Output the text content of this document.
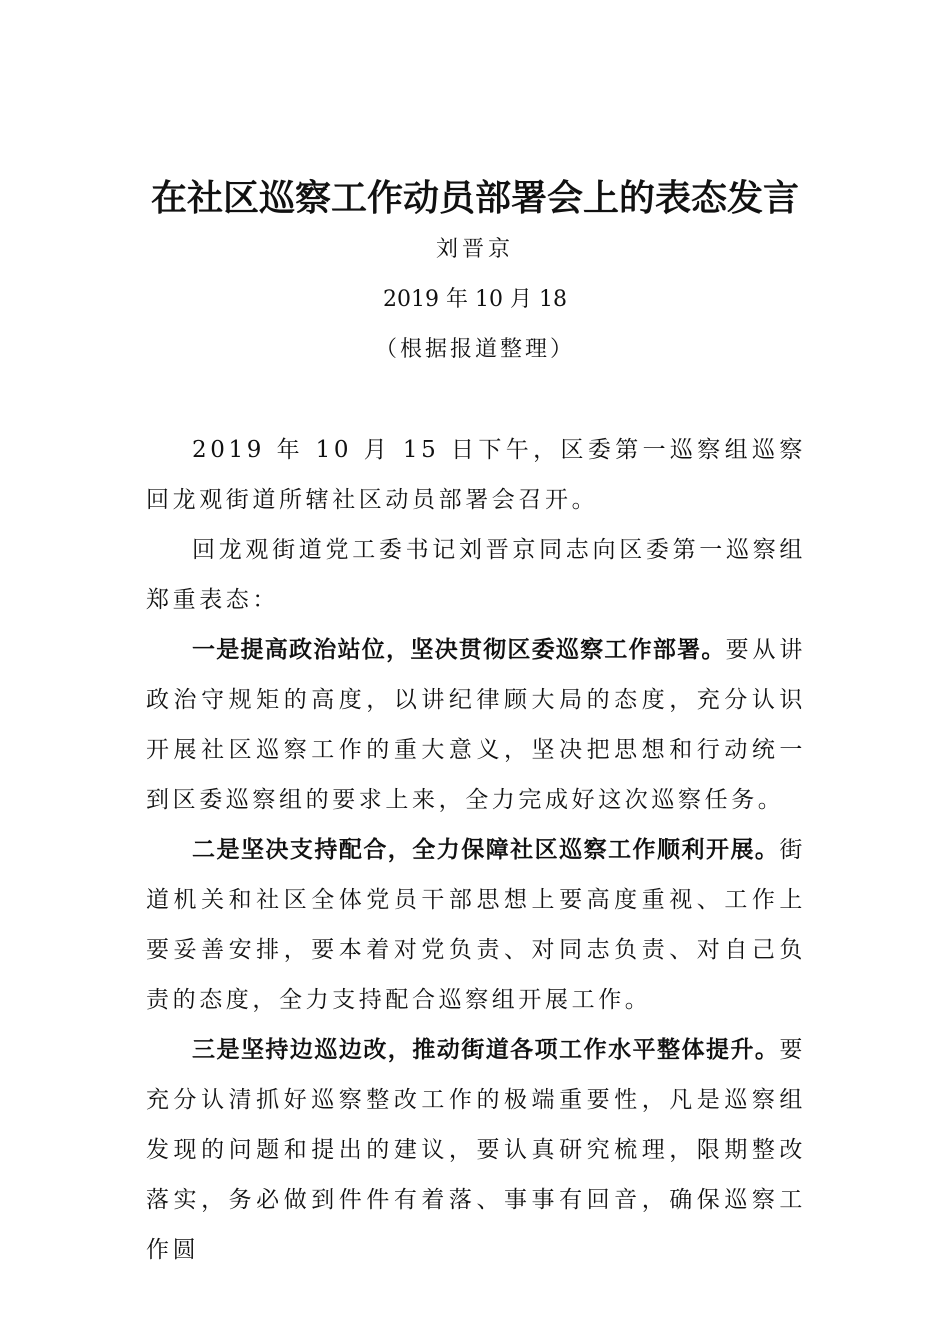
在社区巡察工作动员部署会上的表态发言
刘晋京
2019 年 10 月 18
（根据报道整理）

2019 年 10 月 15 日下午，区委第一巡察组巡察回龙观街道所辖社区动员部署会召开。

回龙观街道党工委书记刘晋京同志向区委第一巡察组郑重表态：

一是提高政治站位，坚决贯彻区委巡察工作部署。要从讲政治守规矩的高度，以讲纪律顾大局的态度，充分认识开展社区巡察工作的重大意义，坚决把思想和行动统一到区委巡察组的要求上来，全力完成好这次巡察任务。

二是坚决支持配合，全力保障社区巡察工作顺利开展。街道机关和社区全体党员干部思想上要高度重视、工作上要妥善安排，要本着对党负责、对同志负责、对自己负责的态度，全力支持配合巡察组开展工作。

三是坚持边巡边改，推动街道各项工作水平整体提升。要充分认清抓好巡察整改工作的极端重要性，凡是巡察组发现的问题和提出的建议，要认真研究梳理，限期整改落实，务必做到件件有着落、事事有回音，确保巡察工作圆
